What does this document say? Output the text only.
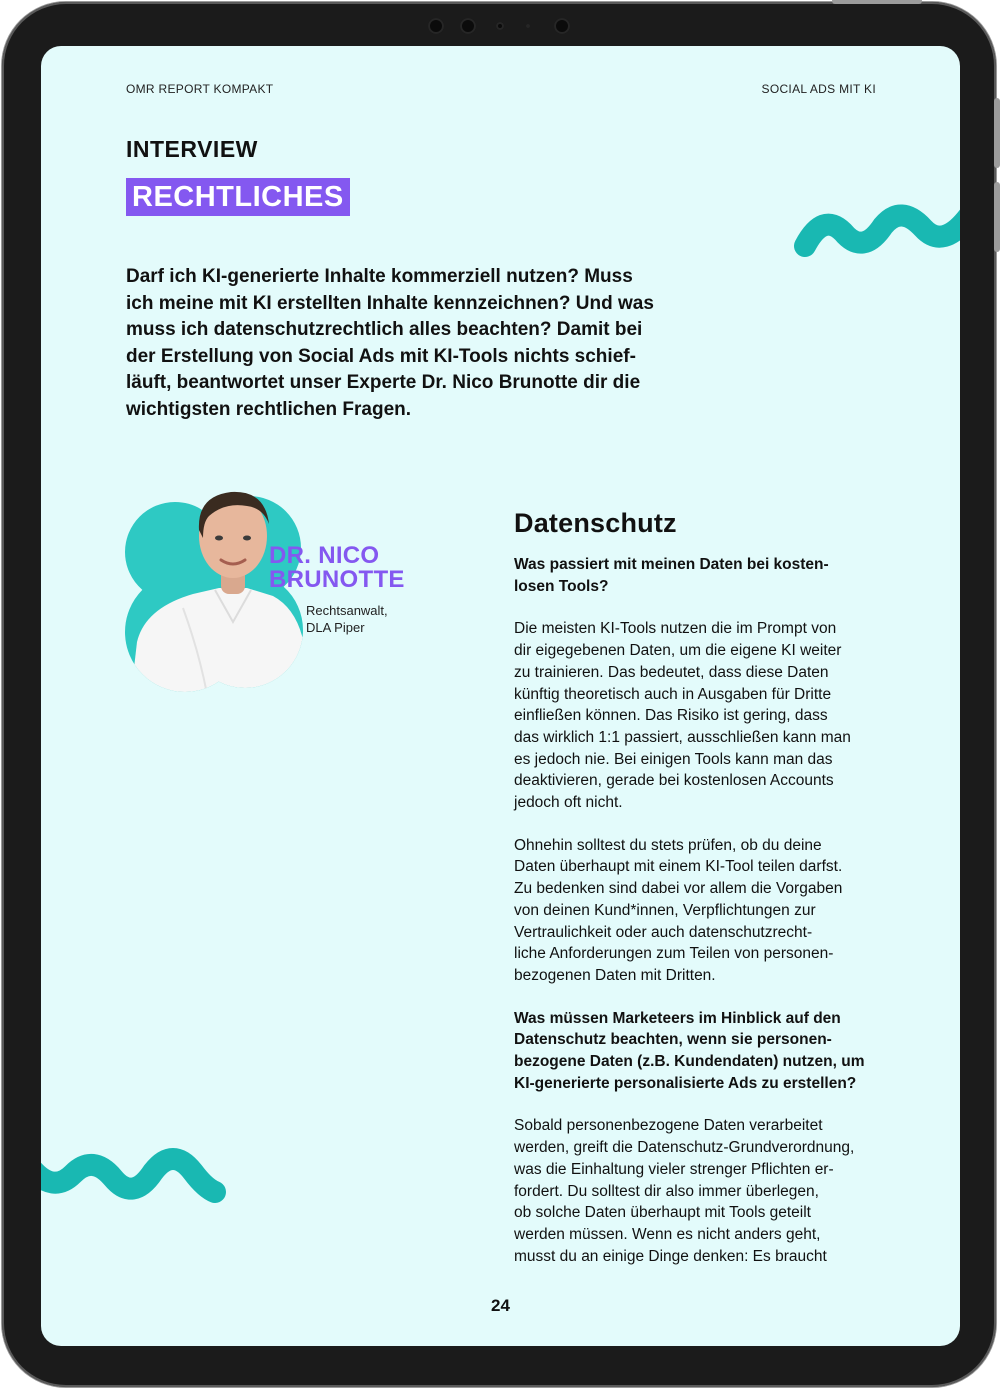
OMR REPORT KOMPAKT	SOCIAL ADS MIT KI
INTERVIEW
RECHTLICHES
Darf ich KI-generierte Inhalte kommerziell nutzen? Muss
ich meine mit KI erstellten Inhalte kennzeichnen? Und was
muss ich datenschutzrechtlich alles beachten? Damit bei
der Erstellung von Social Ads mit KI-Tools nichts schief-
läuft, beantwortet unser Experte Dr. Nico Brunotte dir die
wichtigsten rechtlichen Fragen.
DR. NICO
BRUNOTTE
Rechtsanwalt,
DLA Piper
Datenschutz
Was passiert mit meinen Daten bei kosten-
losen Tools?
Die meisten KI-Tools nutzen die im Prompt von
dir eigegebenen Daten, um die eigene KI weiter
zu trainieren. Das bedeutet, dass diese Daten
künftig theoretisch auch in Ausgaben für Dritte
einfließen können. Das Risiko ist gering, dass
das wirklich 1:1 passiert, ausschließen kann man
es jedoch nie. Bei einigen Tools kann man das
deaktivieren, gerade bei kostenlosen Accounts
jedoch oft nicht.
Ohnehin solltest du stets prüfen, ob du deine
Daten überhaupt mit einem KI-Tool teilen darfst.
Zu bedenken sind dabei vor allem die Vorgaben
von deinen Kund*innen, Verpflichtungen zur
Vertraulichkeit oder auch datenschutzrecht-
liche Anforderungen zum Teilen von personen-
bezogenen Daten mit Dritten.
Was müssen Marketeers im Hinblick auf den
Datenschutz beachten, wenn sie personen-
bezogene Daten (z.B. Kundendaten) nutzen, um
KI-generierte personalisierte Ads zu erstellen?
Sobald personenbezogene Daten verarbeitet
werden, greift die Datenschutz-Grundverordnung,
was die Einhaltung vieler strenger Pflichten er-
fordert. Du solltest dir also immer überlegen,
ob solche Daten überhaupt mit Tools geteilt
werden müssen. Wenn es nicht anders geht,
musst du an einige Dinge denken: Es braucht
24
